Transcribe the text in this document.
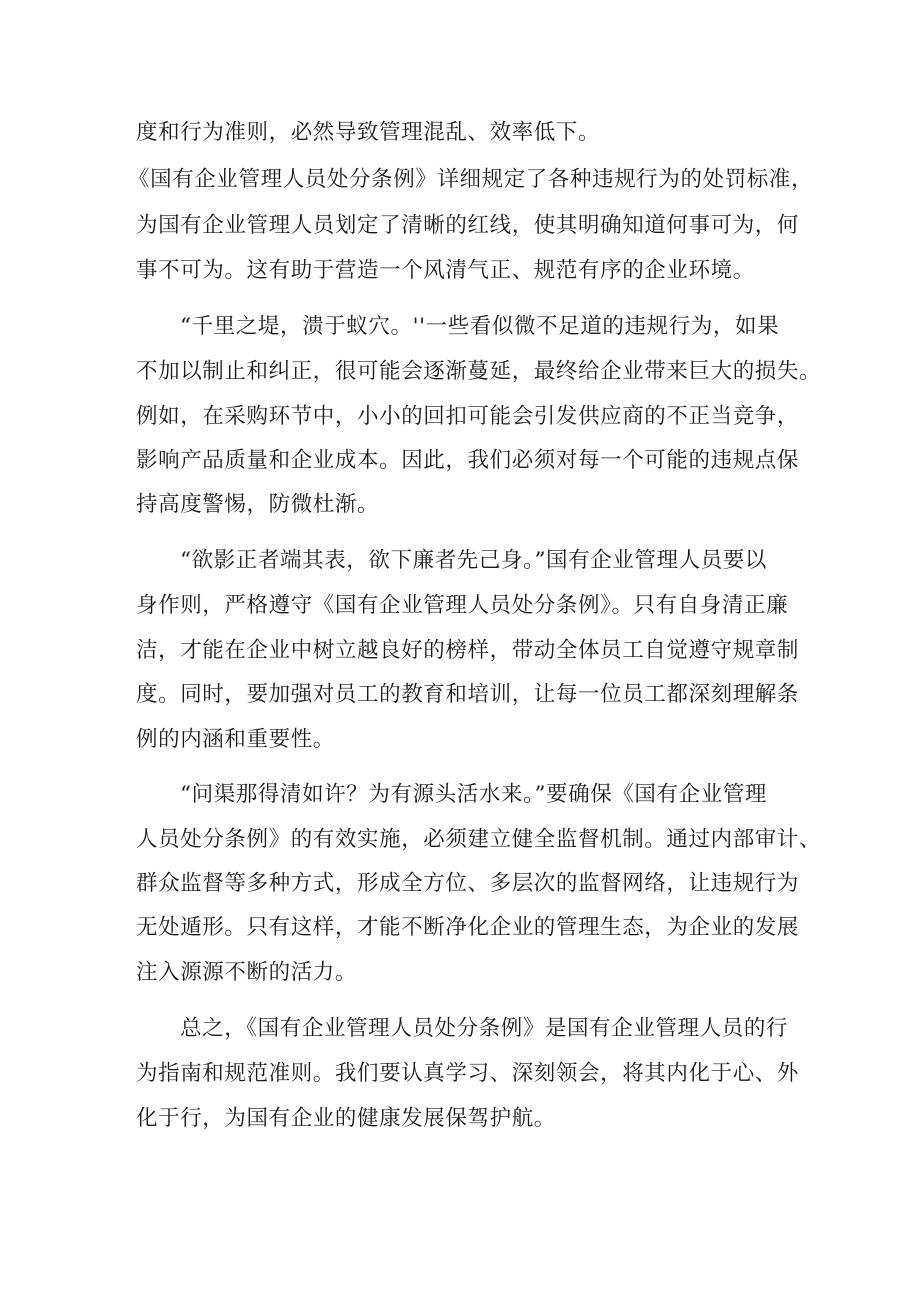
度和行为准则，必然导致管理混乱、效率低下。
《国有企业管理人员处分条例》详细规定了各种违规行为的处罚标准，
为国有企业管理人员划定了清晰的红线，使其明确知道何事可为，何
事不可为。这有助于营造一个风清气正、规范有序的企业环境。
“千里之堤，溃于蚁穴。''一些看似微不足道的违规行为，如果
不加以制止和纠正，很可能会逐渐蔓延，最终给企业带来巨大的损失。
例如，在采购环节中，小小的回扣可能会引发供应商的不正当竞争，
影响产品质量和企业成本。因此，我们必须对每一个可能的违规点保
持高度警惕，防微杜渐。
“欲影正者端其表，欲下廉者先己身。”国有企业管理人员要以
身作则，严格遵守《国有企业管理人员处分条例》。只有自身清正廉
洁，才能在企业中树立越良好的榜样，带动全体员工自觉遵守规章制
度。同时，要加强对员工的教育和培训，让每一位员工都深刻理解条
例的内涵和重要性。
“问渠那得清如许？为有源头活水来。”要确保《国有企业管理
人员处分条例》的有效实施，必须建立健全监督机制。通过内部审计、
群众监督等多种方式，形成全方位、多层次的监督网络，让违规行为
无处遁形。只有这样，才能不断净化企业的管理生态，为企业的发展
注入源源不断的活力。
总之，《国有企业管理人员处分条例》是国有企业管理人员的行
为指南和规范准则。我们要认真学习、深刻领会，将其内化于心、外
化于行，为国有企业的健康发展保驾护航。
